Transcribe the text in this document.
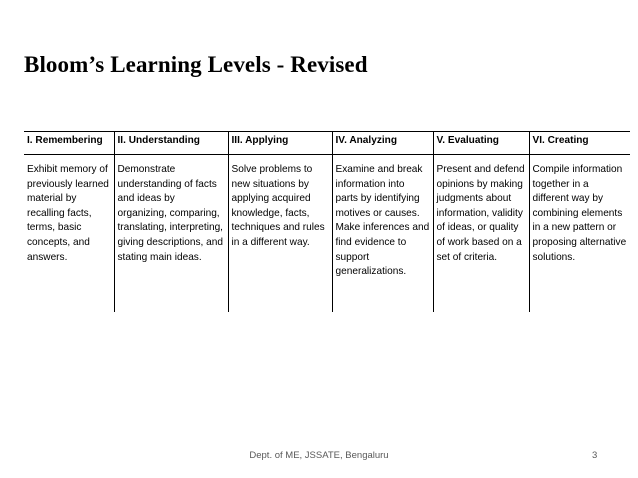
Bloom’s Learning Levels - Revised
I. Remembering	II. Understanding	III. Applying	IV. Analyzing	V. Evaluating	VI. Creating
Exhibit memory of previously learned material by recalling facts, terms, basic concepts, and answers.	Demonstrate understanding of facts and ideas by organizing, comparing, translating, interpreting, giving descriptions, and stating main ideas.	Solve problems to new situations by applying acquired knowledge, facts, techniques and rules in a different way.	Examine and break information into parts by identifying motives or causes. Make inferences and find evidence to support generalizations.	Present and defend opinions by making judgments about information, validity of ideas, or quality of work based on a set of criteria.	Compile information together in a different way by combining elements in a new pattern or proposing alternative solutions.
Dept. of ME, JSSATE, Bengaluru	3
